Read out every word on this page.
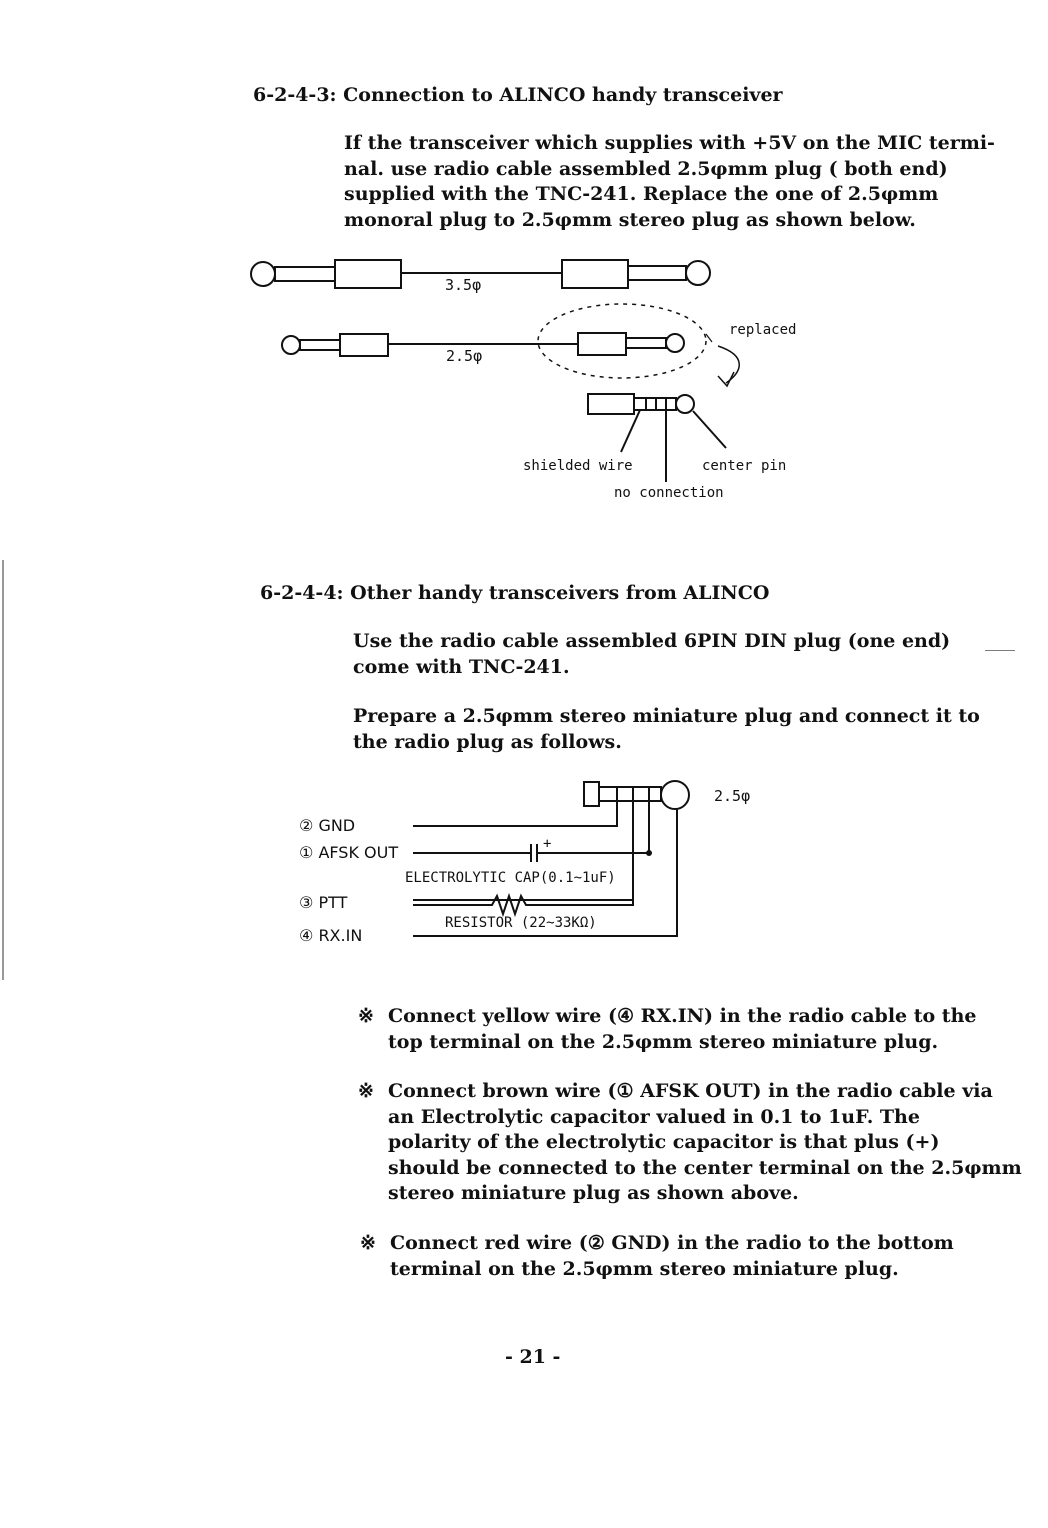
6-2-4-3: Connection to ALINCO handy transceiver
If the transceiver which supplies with +5V on the MIC termi-
nal. use radio cable assembled 2.5φmm plug ( both end)
supplied with the TNC-241. Replace the one of 2.5φmm
monoral plug to 2.5φmm stereo plug as shown below.
3.5φ
2.5φ
replaced
shielded wire	center pin
no connection
6-2-4-4: Other handy transceivers from ALINCO
Use the radio cable assembled 6PIN DIN plug (one end)
come with TNC-241.
Prepare a 2.5φmm stereo miniature plug and connect it to
the radio plug as follows.
2.5φ
② GND
① AFSK OUT
③ PTT
④ RX.IN
+
ELECTROLYTIC CAP(0.1~1uF)
RESISTOR (22~33KΩ)
※ Connect yellow wire (④ RX.IN) in the radio cable to the
top terminal on the 2.5φmm stereo miniature plug.
※ Connect brown wire (① AFSK OUT) in the radio cable via
an Electrolytic capacitor valued in 0.1 to 1uF. The
polarity of the electrolytic capacitor is that plus (+)
should be connected to the center terminal on the 2.5φmm
stereo miniature plug as shown above.
※ Connect red wire (② GND) in the radio to the bottom
terminal on the 2.5φmm stereo miniature plug.
- 21 -
